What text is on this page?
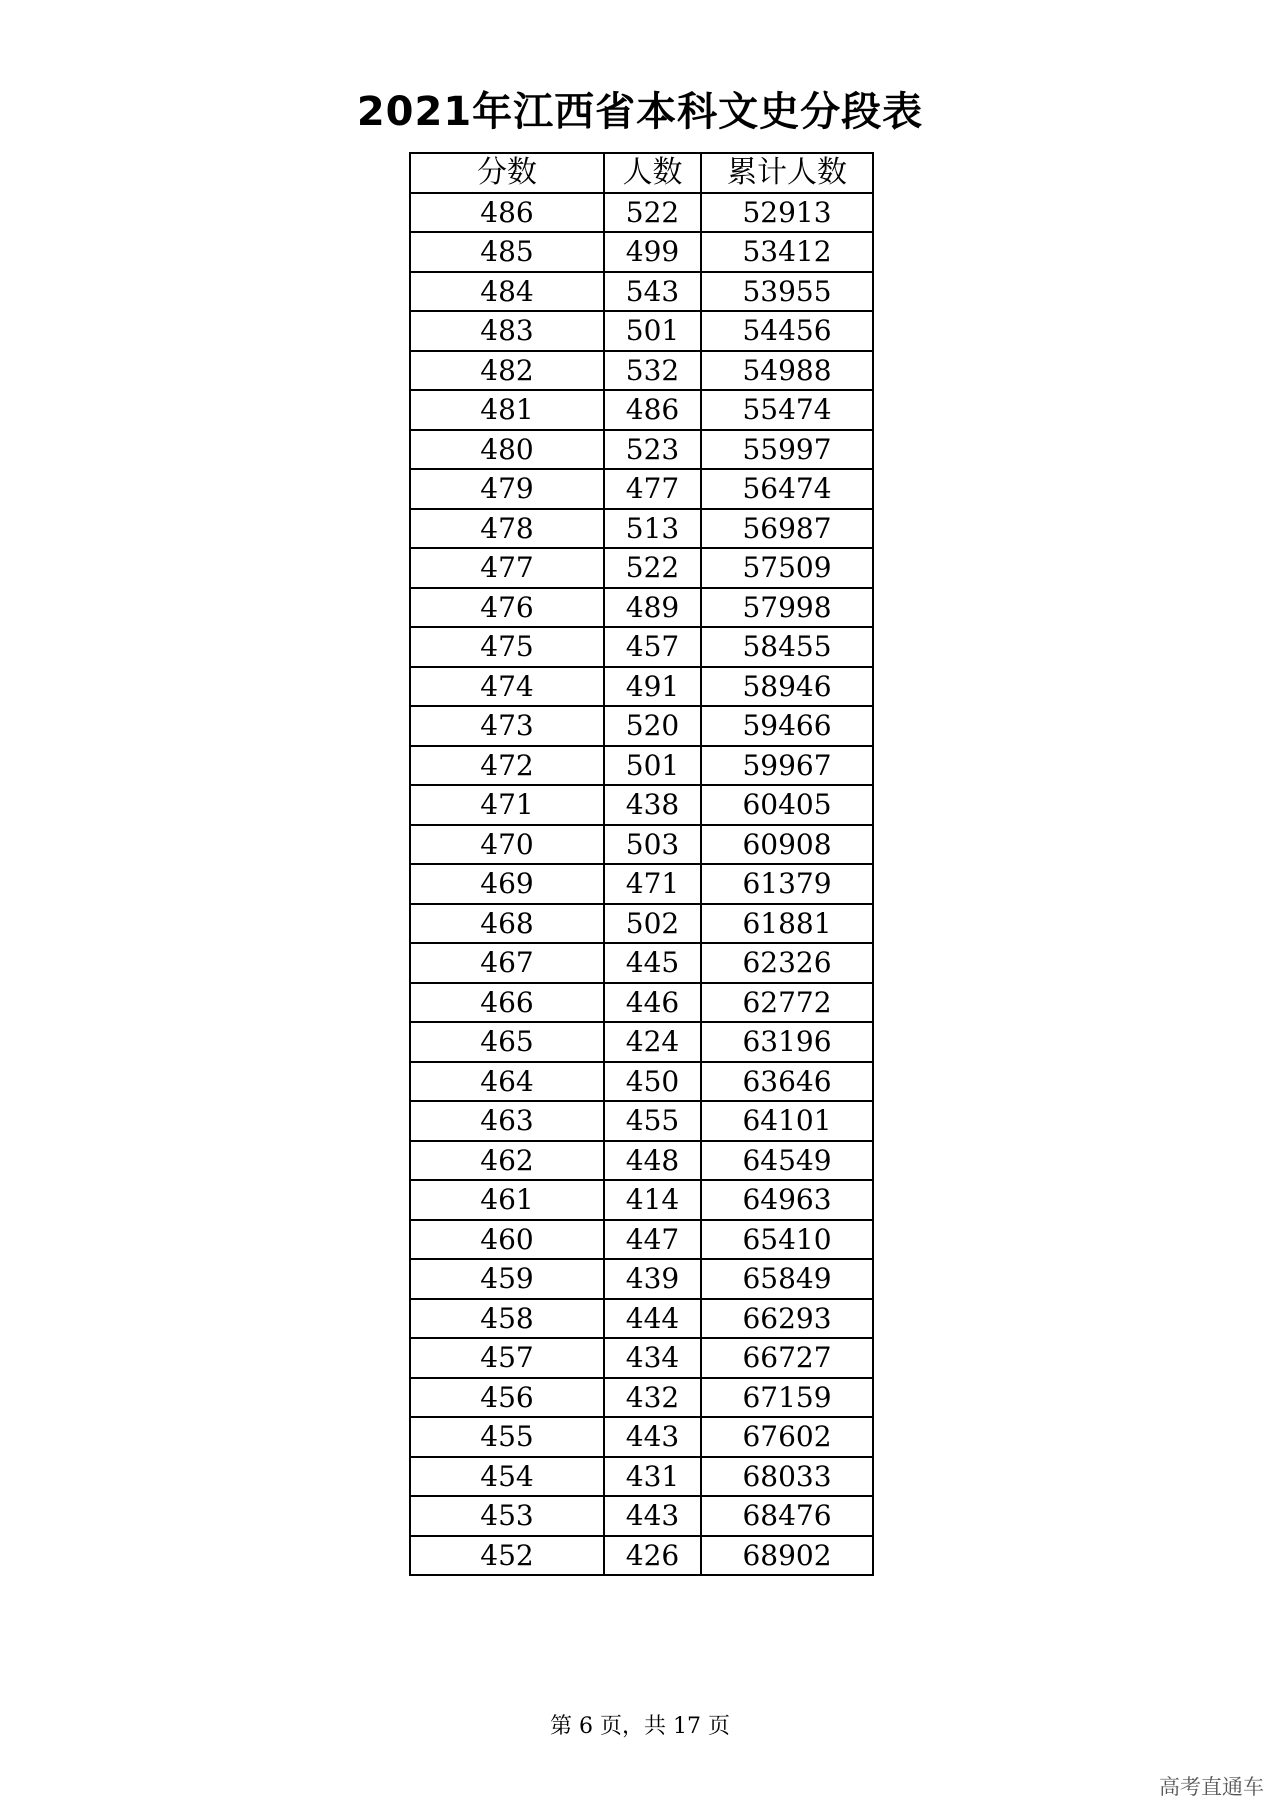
2021年江西省本科文史分段表
分数	人数	累计人数
486	522	52913
485	499	53412
484	543	53955
483	501	54456
482	532	54988
481	486	55474
480	523	55997
479	477	56474
478	513	56987
477	522	57509
476	489	57998
475	457	58455
474	491	58946
473	520	59466
472	501	59967
471	438	60405
470	503	60908
469	471	61379
468	502	61881
467	445	62326
466	446	62772
465	424	63196
464	450	63646
463	455	64101
462	448	64549
461	414	64963
460	447	65410
459	439	65849
458	444	66293
457	434	66727
456	432	67159
455	443	67602
454	431	68033
453	443	68476
452	426	68902
第 6 页，共 17 页
高考直通车
